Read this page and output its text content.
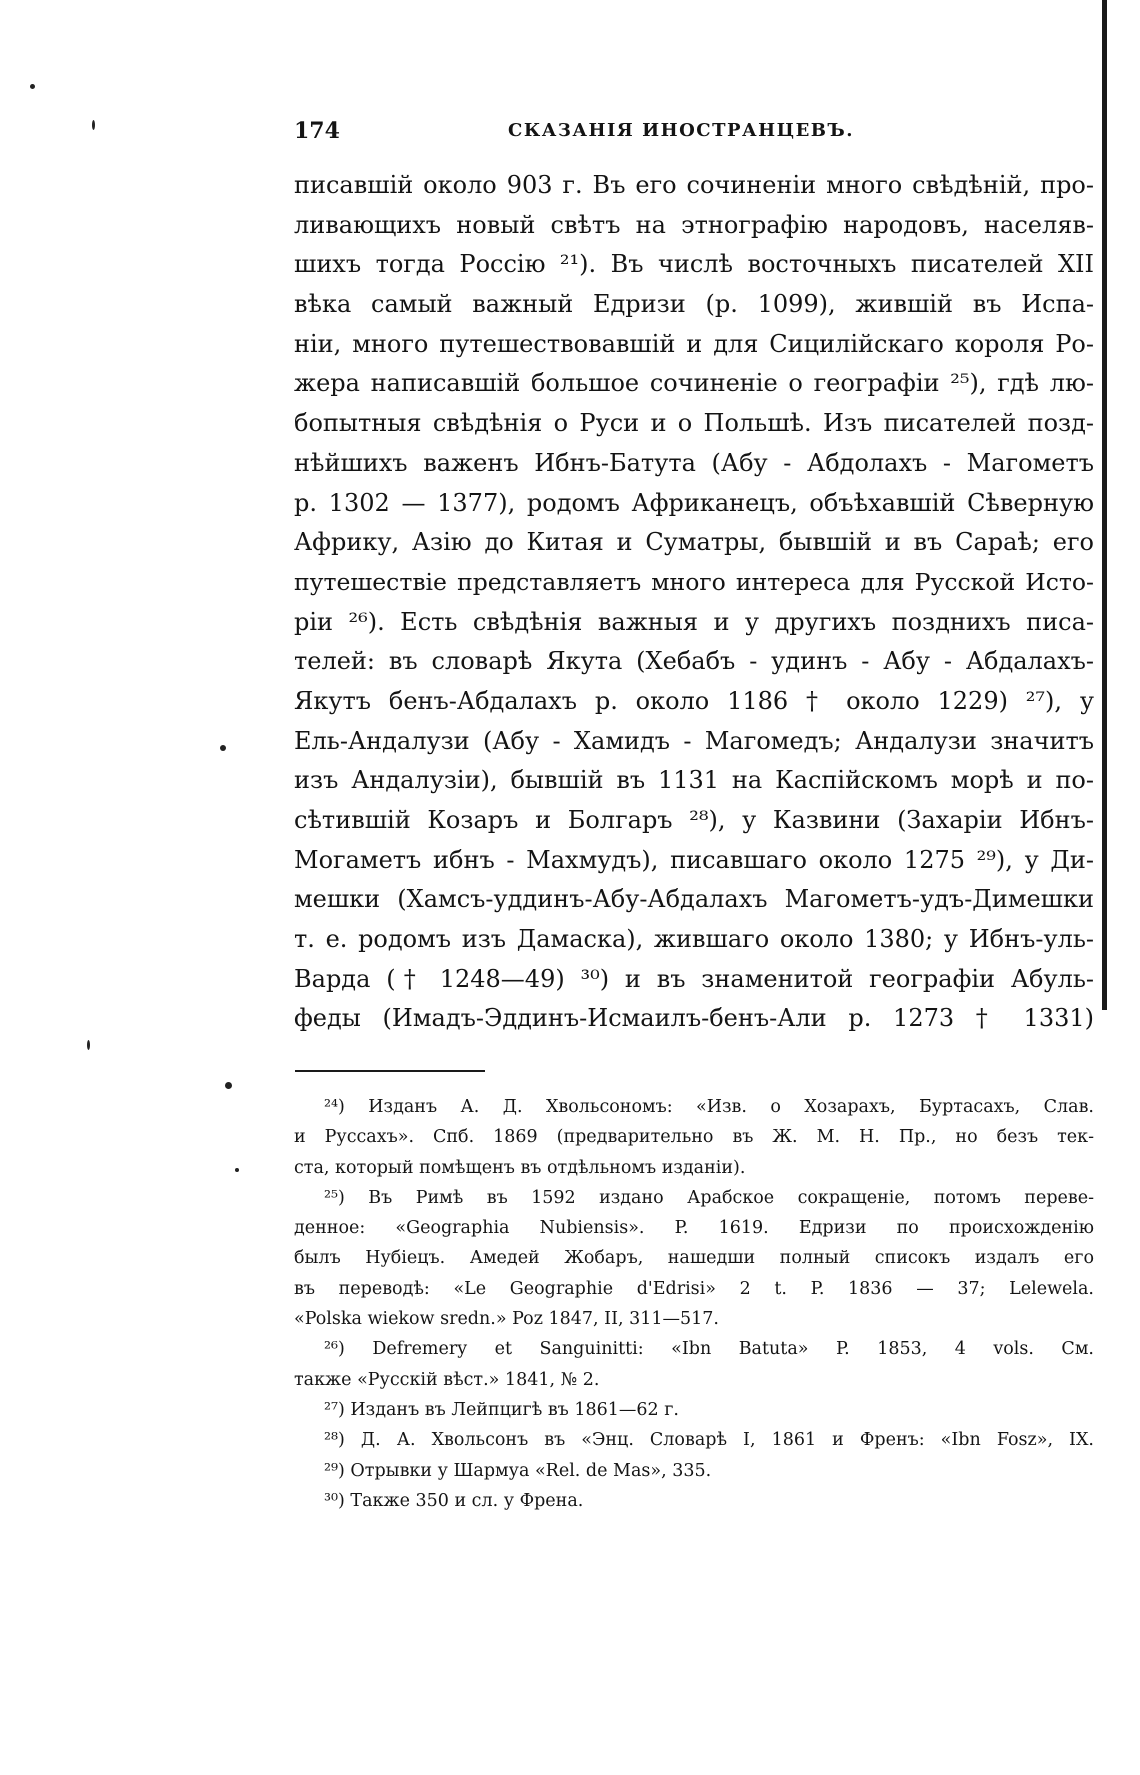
174	СКАЗАНІЯ ИНОСТРАНЦЕВЪ.
писавшій около 903 г. Въ его сочиненіи много свѣдѣній, про-
ливающихъ новый свѣтъ на этнографію народовъ, населяв-
шихъ тогда Россію ²¹). Въ числѣ восточныхъ писателей XII
вѣка самый важный Едризи (р. 1099), жившій въ Испа-
ніи, много путешествовавшій и для Сицилійскаго короля Ро-
жера написавшій большое сочиненіе о географіи ²⁵), гдѣ лю-
бопытныя свѣдѣнія о Руси и о Польшѣ. Изъ писателей позд-
нѣйшихъ важенъ Ибнъ-Батута (Абу - Абдолахъ - Магометъ
р. 1302 — 1377), родомъ Африканецъ, объѣхавшій Сѣверную
Африку, Азію до Китая и Суматры, бывшій и въ Сараѣ; его
путешествіе представляетъ много интереса для Русской Исто-
ріи ²⁶). Есть свѣдѣнія важныя и у другихъ позднихъ писа-
телей: въ словарѣ Якута (Хебабъ - удинъ - Абу - Абдалахъ-
Якутъ бенъ-Абдалахъ р. около 1186 † около 1229) ²⁷), у
Ель-Андалузи (Абу - Хамидъ - Магомедъ; Андалузи значитъ
изъ Андалузіи), бывшій въ 1131 на Каспійскомъ морѣ и по-
сѣтившій Козаръ и Болгаръ ²⁸), у Казвини (Захаріи Ибнъ-
Могаметъ ибнъ - Махмудъ), писавшаго около 1275 ²⁹), у Ди-
мешки (Хамсъ-уддинъ-Абу-Абдалахъ Магометъ-удъ-Димешки
т. е. родомъ изъ Дамаска), жившаго около 1380; у Ибнъ-уль-
Варда († 1248—49) ³⁰) и въ знаменитой географіи Абуль-
феды (Имадъ-Эддинъ-Исмаилъ-бенъ-Али р. 1273 † 1331)
²⁴) Изданъ А. Д. Хвольсономъ: «Изв. о Хозарахъ, Буртасахъ, Слав.
и Руссахъ». Спб. 1869 (предварительно въ Ж. М. Н. Пр., но безъ тек-
ста, который помѣщенъ въ отдѣльномъ изданіи).
²⁵) Въ Римѣ въ 1592 издано Арабское сокращеніе, потомъ переве-
денное: «Geographia Nubiensis». P. 1619. Едризи по происхожденію
былъ Нубіецъ. Амедей Жобаръ, нашедши полный списокъ издалъ его
въ переводѣ: «Le Geographie d'Edrisi» 2 t. P. 1836 — 37; Lelewela.
«Polska wiekow sredn.» Poz 1847, II, 311—517.
²⁶) Defremery et Sanguinitti: «Ibn Batuta» P. 1853, 4 vols. См.
также «Русскій вѣст.» 1841, № 2.
²⁷) Изданъ въ Лейпцигѣ въ 1861—62 г.
²⁸) Д. А. Хвольсонъ въ «Энц. Словарѣ I, 1861 и Френъ: «Ibn Fosz», IX.
²⁹) Отрывки у Шармуа «Rel. de Mas», 335.
³⁰) Также 350 и сл. у Френа.
